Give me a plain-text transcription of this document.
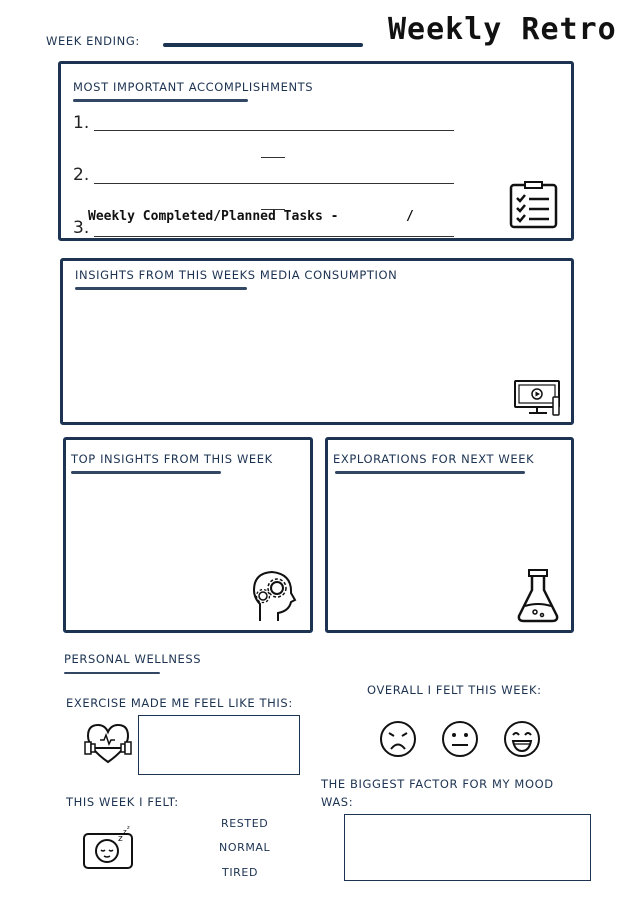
WEEK ENDING:	Weekly Retro
MOST IMPORTANT ACCOMPLISHMENTS
1.
2.
3.
Weekly Completed/Planned Tasks -	/
INSIGHTS FROM THIS WEEKS MEDIA CONSUMPTION
TOP INSIGHTS FROM THIS WEEK	EXPLORATIONS FOR NEXT WEEK
PERSONAL WELLNESS
EXERCISE MADE ME FEEL LIKE THIS:
OVERALL I FELT THIS WEEK:
THIS WEEK I FELT:
z
z z	RESTED
NORMAL
TIRED
THE BIGGEST FACTOR FOR MY MOOD WAS:
